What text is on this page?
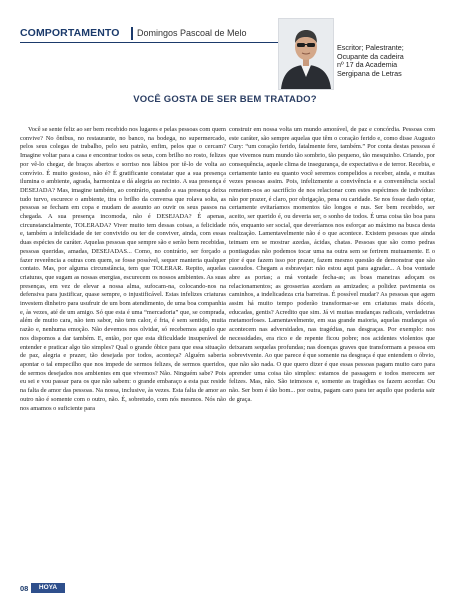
COMPORTAMENTO Domingos Pascoal de Melo
Escritor; Palestrante;
Ocupante da cadeira
nº 17 da Academia
Sergipana de Letras
VOCÊ GOSTA DE SER BEM TRATADO?

Você se sente feliz ao ser bem recebido nos lugares e pelas pessoas com quem convive? No ônibus, no restaurante, no banco, na bodega, no supermercado, pelos seus colegas de trabalho, pelo seu patrão, enfim, pelos que o cercam? Imagine voltar para a casa e encontrar todos os seus, com brilho no rosto, felizes por vê-lo chegar, de braços abertos e sorriso nos lábios por tê-lo de volta ao convívio. É muito gostoso, não é? É gratificante constatar que a sua presença ilumina o ambiente, agrada, harmoniza e dá alegria ao recinto. A sua presença é DESEJADA? Mas, imagine também, ao contrário, quando a sua presença deixa tudo turvo, escurece o ambiente, tira o brilho da conversa que rolava solta, as pessoas se fecham em copa e mudam de assunto ao ouvir os seus passos na chegada. A sua presença incomoda, não é DESEJADA? É apenas, circunstancialmente, TOLERADA? Viver muito tem dessas coisas, a felicidade e, também a infelicidade de ter convivido ou ter de conviver, ainda, com essas duas espécies de caráter. Aquelas pessoas que sempre são e serão bem recebidas, pessoas queridas, amadas, DESEJADAS... Como, no contrário, ser forçado a fazer reverência a outras com quem, se fosse possível, sequer manteria qualquer contato. Mas, por alguma circunstância, tem que TOLERAR. Repito, aquelas criaturas, que sugam as nossas energias, escurecem os nossos ambientes. As suas presenças, em vez de elevar a nossa alma, sufocam-na, colocando-nos na defensiva para justificar, quase sempre, o injustificável. Estas infelizes criaturas investem dinheiro para usufruir de um bom atendimento, de uma boa companhia e, às vezes, até de um amigo. Só que esta é uma “mercadoria” que, se comprada, além de muito cara, não tem sabor, não tem calor, é fria, é sem sentido, muita razão e, nenhuma emoção. Não devemos nos olvidar, só recebemos aquilo que nos dispomos a dar também. E, então, por que esta dificuldade insuperável de entender e praticar algo tão simples? Qual o grande óbice para que essa situação de paz, alegria e prazer, tão desejada por todos, aconteça? Alguém saberia apontar o tal empecilho que nos impede de sermos felizes, de sermos queridos, de sermos desejados nos ambientes em que vivemos? Não. Ninguém sabe? Pois eu sei e vou passar para os que não sabem: o grande embaraço a esta paz reside na falta de amor das pessoas. Na nossa, inclusive, às vezes. Esta falta de amor ao outro não é somente com o outro, não. É, sobretudo, com nós mesmos. Nós não nos amamos o suficiente para

construir em nossa volta um mundo amorável, de paz e concórdia. Pessoas com este caráter, são sempre aquelas que têm o coração ferido e, como disse Augusto Cury: “um coração ferido, fatalmente fere, também.” Por conta destas pessoas é que vivemos num mundo tão sombrio, tão pequeno, tão mesquinho. Criando, por consequência, aquele clima de insegurança, de expectativa e de terror. Recebia, e certamente tanto eu quanto você seremos compelidos a receber, ainda, e muitas vezes pessoas assim. Pois, infelizmente a convivência e a conveniência social remetem-nos ao sacrifício de nos relacionar com estes espécimes de indivíduo: não por prazer, é claro, por obrigação, pena ou caridade. Se nos fosse dado optar, certamente evitaríamos momentos tão longos e nus. Ser bem recebido, ser aceito, ser querido é, ou deveria ser, o sonho de todos. É uma coisa tão boa para nós, enquanto ser social, que deveríamos nos esforçar ao máximo na busca desta realização. Lamentavelmente não é o que acontece. Existem pessoas que ainda teimam em se mostrar azedas, ácidas, chatas. Pessoas que são como pedras pontiagudas não podemos tocar uma na outra sem se ferirem mutuamente. E o pior é que fazem isso por prazer, fazem mesmo questão de demonstrar que são casoudos. Chegam a esbravejar: não estou aqui para agradar... A boa vontade abre as portas; a má vontade fecha-as; as boas maneiras adoçam os relacionamentos; as grosserias azedam as amizades; a polidez pavimenta os caminhos, a indelicadeza cria barreiras. É possível mudar? As pessoas que agem assim há muito tempo poderão transformar-se em criaturas mais dóceis, educadas, gentis? Acredito que sim. Já vi muitas mudanças radicais, verdadeiras metamorfoses. Lamentavelmente, em sua grande maioria, aquelas mudanças só acontecem nas adversidades, nas tragédias, nas desgraças. Por exemplo: nos necessidades, era rico e de repente ficou pobre; nos acidentes violentos que deixaram sequelas profundas; nas doenças graves que transformam a pessoa em sobrevivente. Ao que parece é que somente na desgraça é que entendem o óbvio, que não são nada. O que quero dizer é que essas pessoas pagam muito caro para aprender uma coisa tão simples: estamos de passagem e todos merecem ser felizes. Mas, não. São teimosos e, somente as tragédias os fazem acordar. Ou não. Ser bom é tão bom... por outra, pagam caro para ter aquilo que poderia sair de graça.

08	HOYA
